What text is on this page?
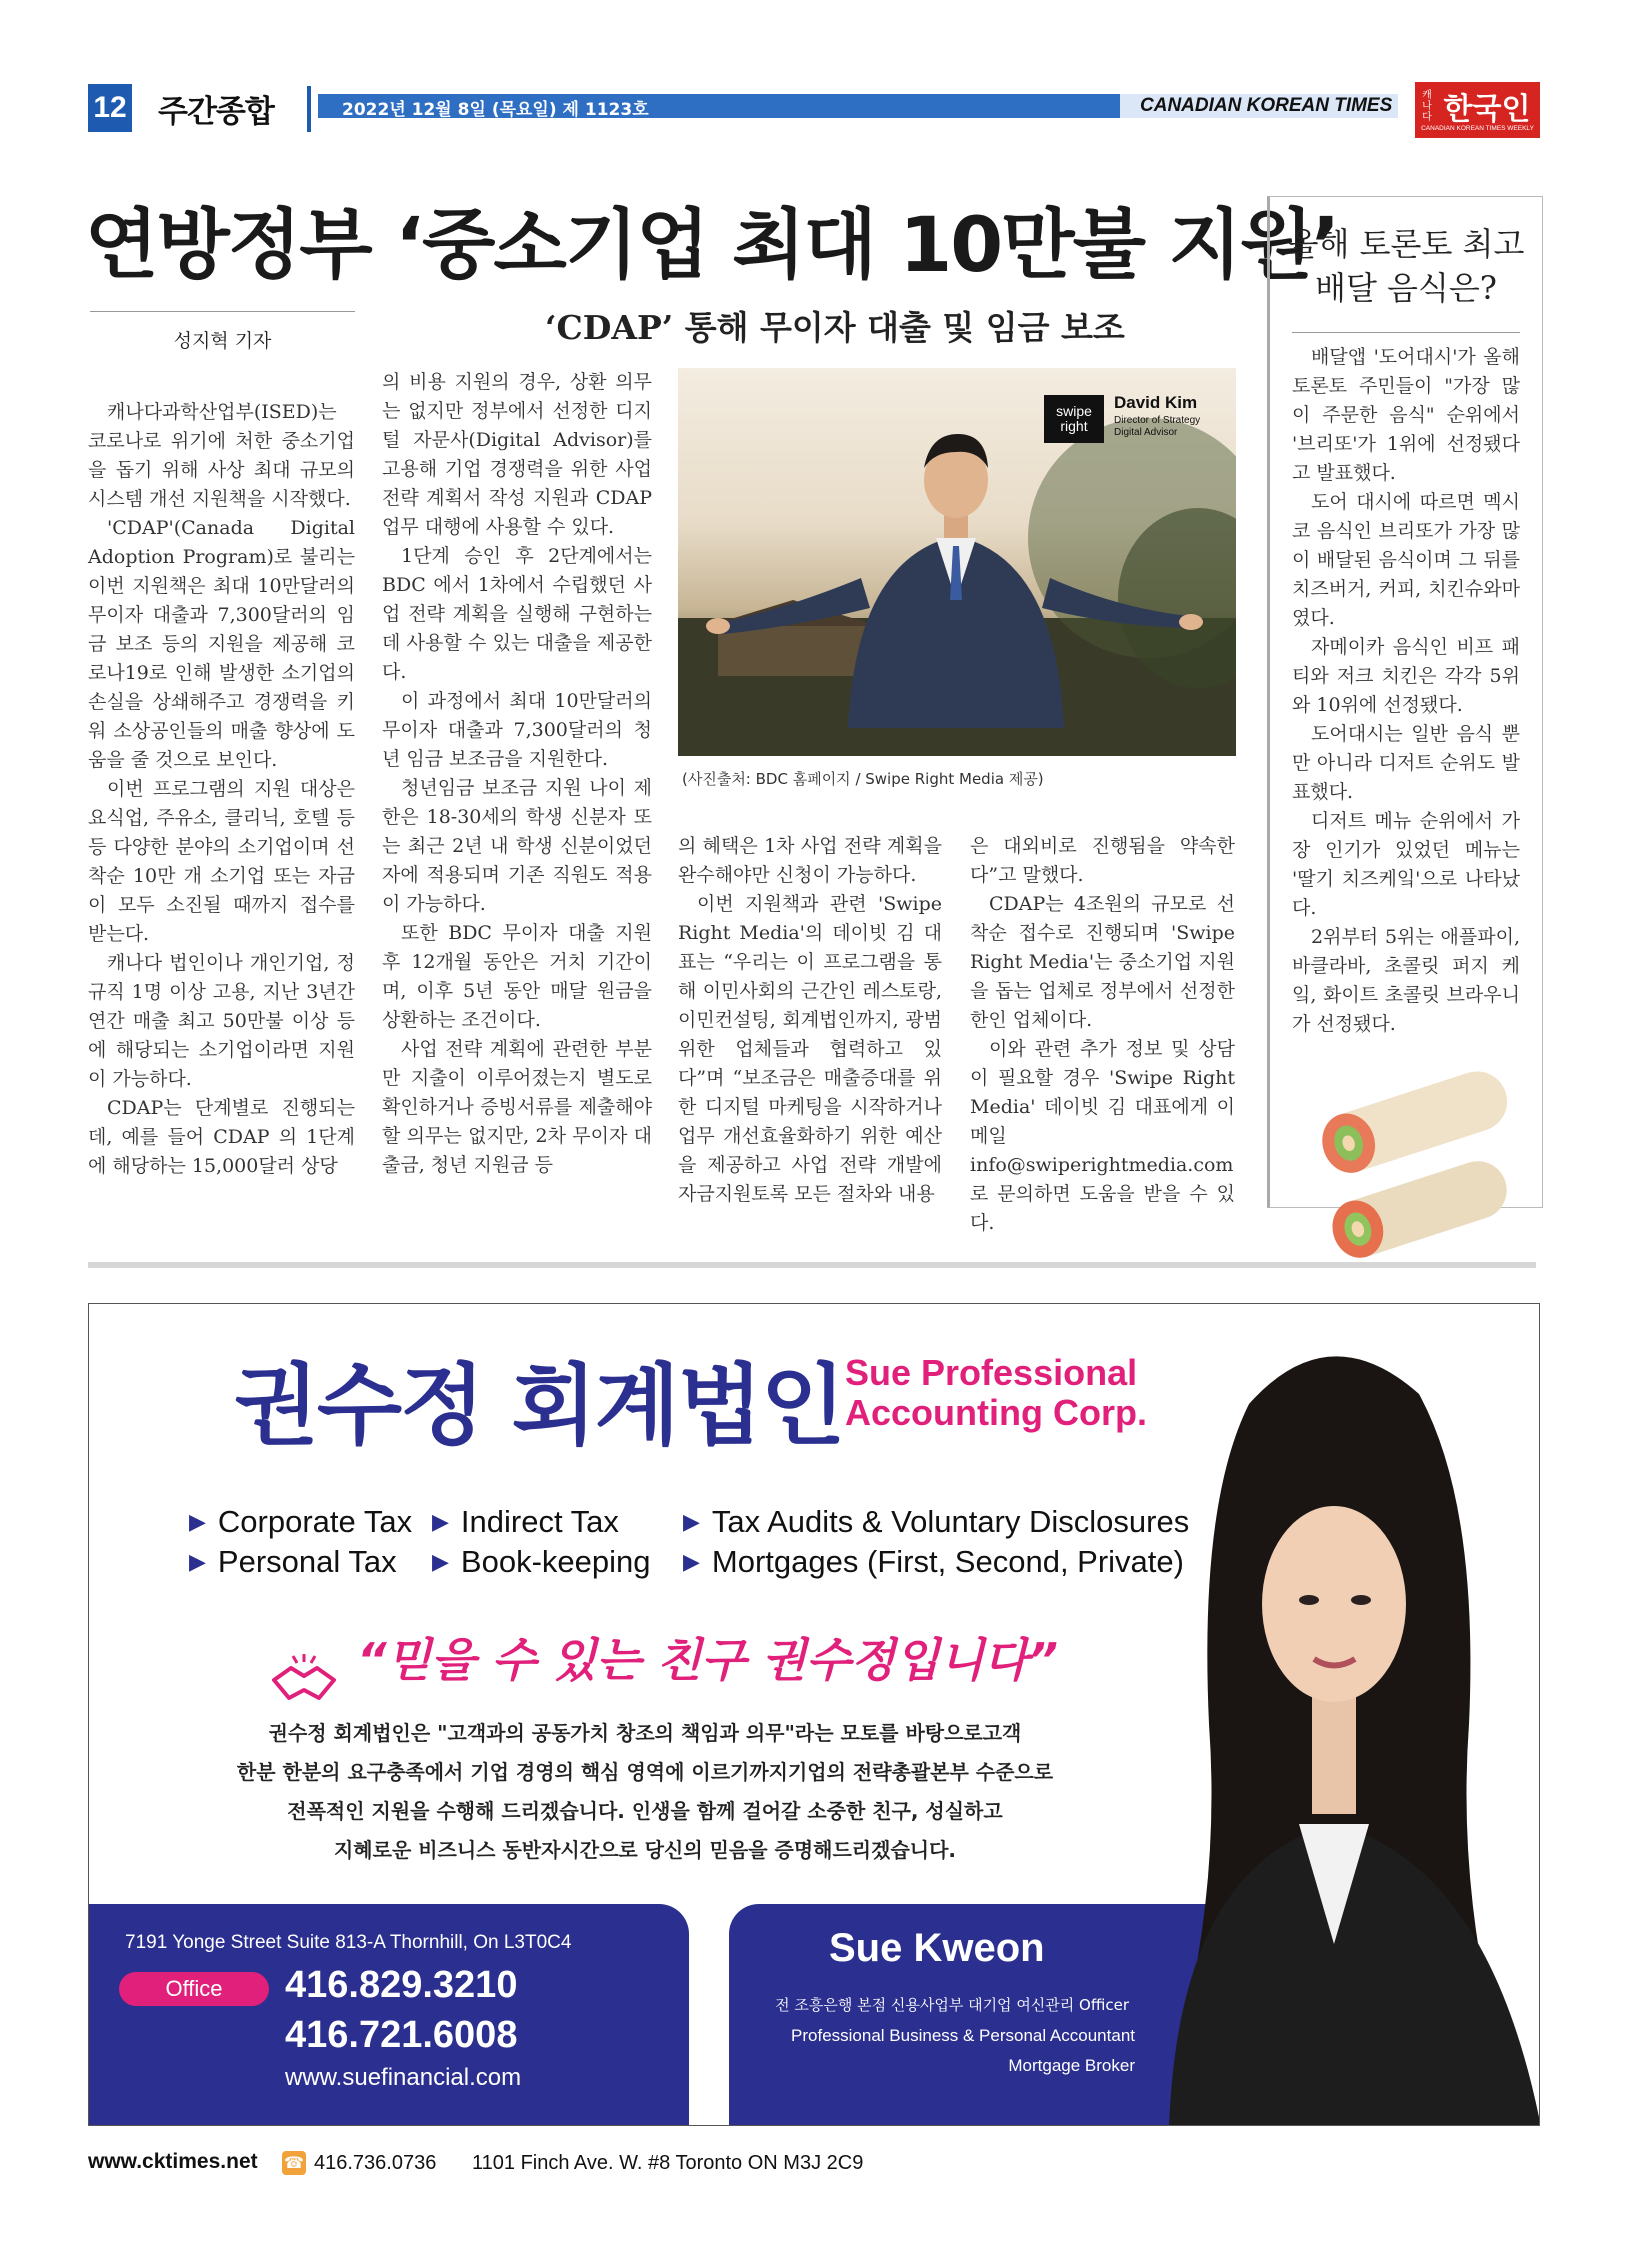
12 주간종합	2022년 12월 8일 (목요일) 제 1123호	CANADIAN KOREAN TIMES	캐나다 한국인
CANADIAN KOREAN TIMES WEEKLY
연방정부 ‘중소기업 최대 10만불 지원’
성지혁 기자	‘CDAP’ 통해 무이자 대출 및 임금 보조

캐나다과학산업부(ISED)는 코로나로 위기에 처한 중소기업을 돕기 위해 사상 최대 규모의 시스템 개선 지원책을 시작했다.

'CDAP'(Canada Digital Adoption Program)로 불리는 이번 지원책은 최대 10만달러의 무이자 대출과 7,300달러의 임금 보조 등의 지원을 제공해 코로나19로 인해 발생한 소기업의 손실을 상쇄해주고 경쟁력을 키워 소상공인들의 매출 향상에 도움을 줄 것으로 보인다.

이번 프로그램의 지원 대상은 요식업, 주유소, 클리닉, 호텔 등등 다양한 분야의 소기업이며 선착순 10만 개 소기업 또는 자금이 모두 소진될 때까지 접수를 받는다.

캐나다 법인이나 개인기업, 정규직 1명 이상 고용, 지난 3년간 연간 매출 최고 50만불 이상 등에 해당되는 소기업이라면 지원이 가능하다.

CDAP는 단계별로 진행되는데, 예를 들어 CDAP 의 1단계에 해당하는 15,000달러 상당

의 비용 지원의 경우, 상환 의무는 없지만 정부에서 선정한 디지털 자문사(Digital Advisor)를 고용해 기업 경쟁력을 위한 사업 전략 계획서 작성 지원과 CDAP 업무 대행에 사용할 수 있다.

1단계 승인 후 2단계에서는 BDC 에서 1차에서 수립했던 사업 전략 계획을 실행해 구현하는 데 사용할 수 있는 대출을 제공한다.

이 과정에서 최대 10만달러의 무이자 대출과 7,300달러의 청년 임금 보조금을 지원한다.

청년임금 보조금 지원 나이 제한은 18-30세의 학생 신분자 또는 최근 2년 내 학생 신분이었던 자에 적용되며 기존 직원도 적용이 가능하다.

또한 BDC 무이자 대출 지원 후 12개월 동안은 거치 기간이며, 이후 5년 동안 매달 원금을 상환하는 조건이다.

사업 전략 계획에 관련한 부분만 지출이 이루어졌는지 별도로 확인하거나 증빙서류를 제출해야 할 의무는 없지만, 2차 무이자 대출금, 청년 지원금 등

swipe
right
David Kim
Director of Strategy
Digital Advisor
(사진출처: BDC 홈페이지 / Swipe Right Media 제공)

의 혜택은 1차 사업 전략 계획을 완수해야만 신청이 가능하다.

이번 지원책과 관련 'Swipe Right Media'의 데이빗 김 대표는 “우리는 이 프로그램을 통해 이민사회의 근간인 레스토랑, 이민컨설팅, 회계법인까지, 광범위한 업체들과 협력하고 있다”며 “보조금은 매출증대를 위한 디지털 마케팅을 시작하거나 업무 개선효율화하기 위한 예산을 제공하고 사업 전략 개발에 자금지원토록 모든 절차와 내용

은 대외비로 진행됨을 약속한다”고 말했다.

CDAP는 4조원의 규모로 선착순 접수로 진행되며 'Swipe Right Media'는 중소기업 지원을 돕는 업체로 정부에서 선정한 한인 업체이다.

이와 관련 추가 정보 및 상담이 필요할 경우 'Swipe Right Media' 데이빗 김 대표에게 이메일 info@swiperightmedia.com로 문의하면 도움을 받을 수 있다.

올해 토론토 최고
배달 음식은?

배달앱 '도어대시'가 올해 토론토 주민들이 "가장 많이 주문한 음식" 순위에서 '브리또'가 1위에 선정됐다고 발표했다.

도어 대시에 따르면 멕시코 음식인 브리또가 가장 많이 배달된 음식이며 그 뒤를 치즈버거, 커피, 치킨슈와마였다.

자메이카 음식인 비프 패티와 저크 치킨은 각각 5위와 10위에 선정됐다.

도어대시는 일반 음식 뿐만 아니라 디저트 순위도 발표했다.

디저트 메뉴 순위에서 가장 인기가 있었던 메뉴는 '딸기 치즈케잌'으로 나타났다.

2위부터 5위는 애플파이, 바클라바, 초콜릿 퍼지 케잌, 화이트 초콜릿 브라우니가 선정됐다.

권수정 회계법인 Sue Professional
Accounting Corp.
▶ Corporate Tax ▶ Indirect Tax	▶ Tax Audits & Voluntary Disclosures
▶ Personal Tax ▶ Book-keeping ▶ Mortgages (First, Second, Private)
“믿을 수 있는 친구 권수정입니다”

권수정 회계법인은 "고객과의 공동가치 창조의 책임과 의무"라는 모토를 바탕으로고객

한분 한분의 요구충족에서 기업 경영의 핵심 영역에 이르기까지기업의 전략총괄본부 수준으로

전폭적인 지원을 수행해 드리겠습니다. 인생을 함께 걸어갈 소중한 친구, 성실하고

지혜로운 비즈니스 동반자시간으로 당신의 믿음을 증명해드리겠습니다.

7191 Yonge Street Suite 813-A Thornhill, On L3T0C4
Office	416.829.3210
416.721.6008
www.suefinancial.com
Sue Kweon
전 조흥은행 본점 신용사업부 대기업 여신관리 Officer
Professional Business & Personal Accountant
Mortgage Broker
www.cktimes.net ☎ 416.736.0736 1101 Finch Ave. W. #8 Toronto ON M3J 2C9
